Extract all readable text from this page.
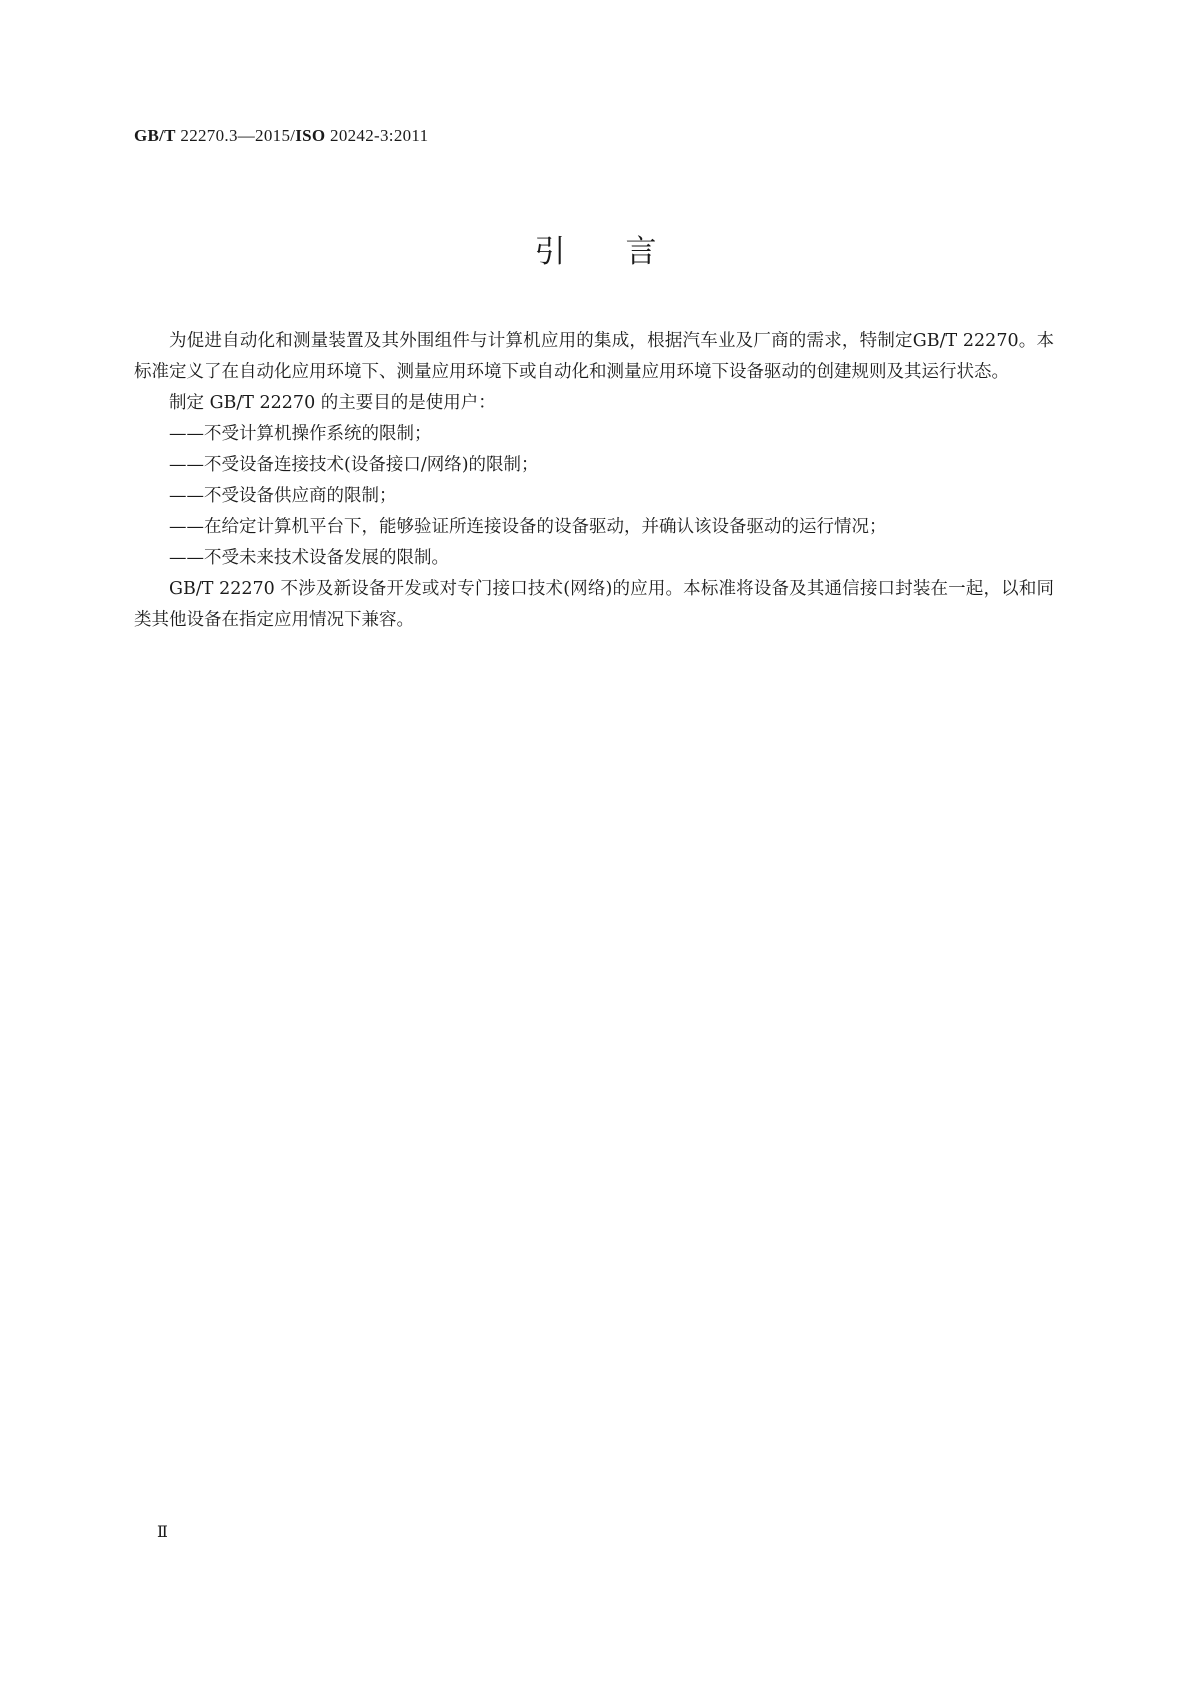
GB/T 22270.3—2015/ISO 20242-3:2011
引言

为促进自动化和测量装置及其外围组件与计算机应用的集成，根据汽车业及厂商的需求，特制定GB/T 22270。本标准定义了在自动化应用环境下、测量应用环境下或自动化和测量应用环境下设备驱动的创建规则及其运行状态。

制定 GB/T 22270 的主要目的是使用户：

——不受计算机操作系统的限制；

——不受设备连接技术(设备接口/网络)的限制；

——不受设备供应商的限制；

——在给定计算机平台下，能够验证所连接设备的设备驱动，并确认该设备驱动的运行情况；

——不受未来技术设备发展的限制。

GB/T 22270 不涉及新设备开发或对专门接口技术(网络)的应用。本标准将设备及其通信接口封装在一起，以和同类其他设备在指定应用情况下兼容。

Ⅱ
